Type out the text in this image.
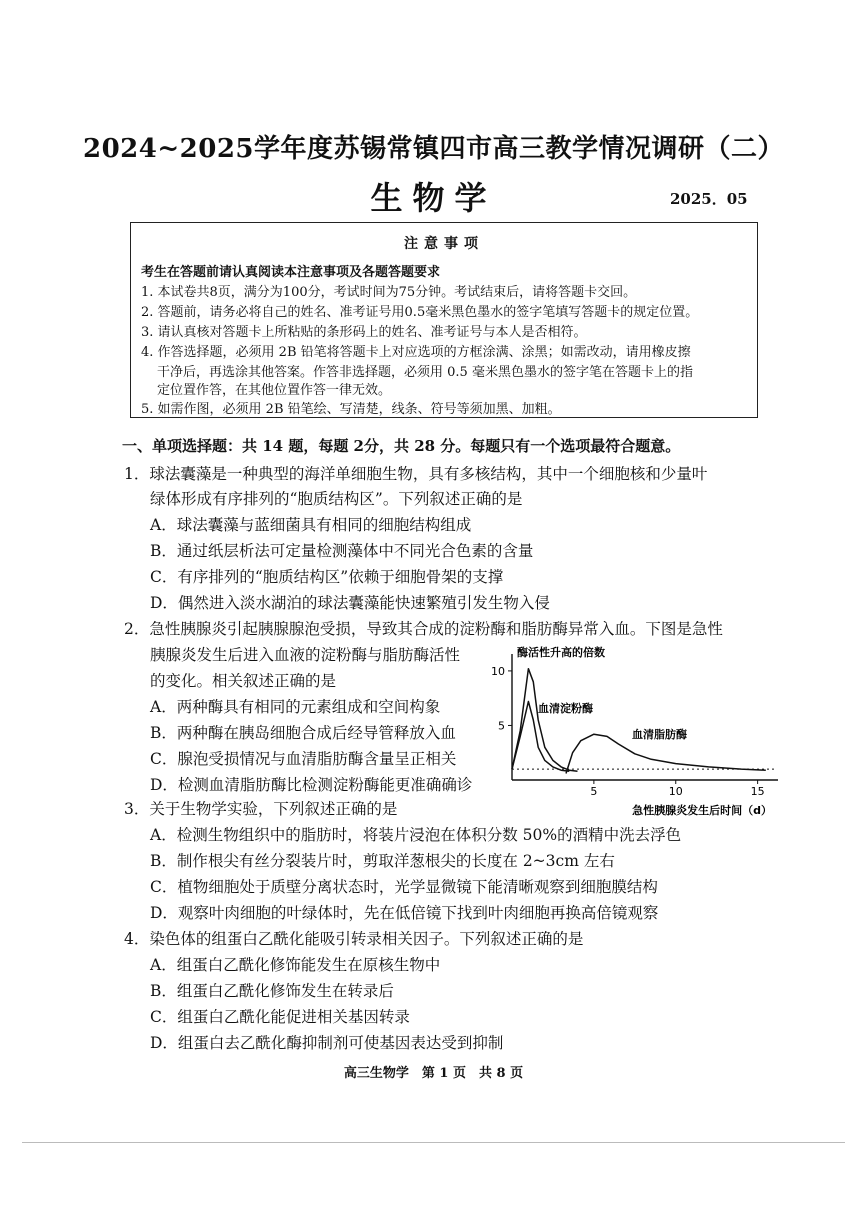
2024~2025学年度苏锡常镇四市高三教学情况调研（二）
生物学	2025．05
注意事项
考生在答题前请认真阅读本注意事项及各题答题要求
1. 本试卷共8页，满分为100分，考试时间为75分钟。考试结束后，请将答题卡交回。
2. 答题前，请务必将自己的姓名、准考证号用0.5毫米黑色墨水的签字笔填写答题卡的规定位置。
3. 请认真核对答题卡上所粘贴的条形码上的姓名、准考证号与本人是否相符。
4. 作答选择题，必须用 2B 铅笔将答题卡上对应选项的方框涂满、涂黑；如需改动，请用橡皮擦
干净后，再选涂其他答案。作答非选择题，必须用 0.5 毫米黑色墨水的签字笔在答题卡上的指
定位置作答，在其他位置作答一律无效。
5. 如需作图，必须用 2B 铅笔绘、写清楚，线条、符号等须加黑、加粗。
一、单项选择题：共 14 题，每题 2分，共 28 分。每题只有一个选项最符合题意。
1．球法囊藻是一种典型的海洋单细胞生物，具有多核结构，其中一个细胞核和少量叶
绿体形成有序排列的“胞质结构区”。下列叙述正确的是
A．球法囊藻与蓝细菌具有相同的细胞结构组成
B．通过纸层析法可定量检测藻体中不同光合色素的含量
C．有序排列的“胞质结构区”依赖于细胞骨架的支撑
D．偶然进入淡水湖泊的球法囊藻能快速繁殖引发生物入侵
2．急性胰腺炎引起胰腺腺泡受损，导致其合成的淀粉酶和脂肪酶异常入血。下图是急性
胰腺炎发生后进入血液的淀粉酶与脂肪酶活性
的变化。相关叙述正确的是
A．两种酶具有相同的元素组成和空间构象
B．两种酶在胰岛细胞合成后经导管释放入血
C．腺泡受损情况与血清脂肪酶含量呈正相关
D．检测血清脂肪酶比检测淀粉酶能更准确确诊	5	10	15
5
10
酶活性升高的倍数
急性胰腺炎发生后时间（d）
血清淀粉酶
血清脂肪酶
3．关于生物学实验，下列叙述正确的是
A．检测生物组织中的脂肪时，将装片浸泡在体积分数 50%的酒精中洗去浮色
B．制作根尖有丝分裂装片时，剪取洋葱根尖的长度在 2~3cm 左右
C．植物细胞处于质壁分离状态时，光学显微镜下能清晰观察到细胞膜结构
D．观察叶肉细胞的叶绿体时，先在低倍镜下找到叶肉细胞再换高倍镜观察
4．染色体的组蛋白乙酰化能吸引转录相关因子。下列叙述正确的是
A．组蛋白乙酰化修饰能发生在原核生物中
B．组蛋白乙酰化修饰发生在转录后
C．组蛋白乙酰化能促进相关基因转录
D．组蛋白去乙酰化酶抑制剂可使基因表达受到抑制
高三生物学　第 1 页　共 8 页
